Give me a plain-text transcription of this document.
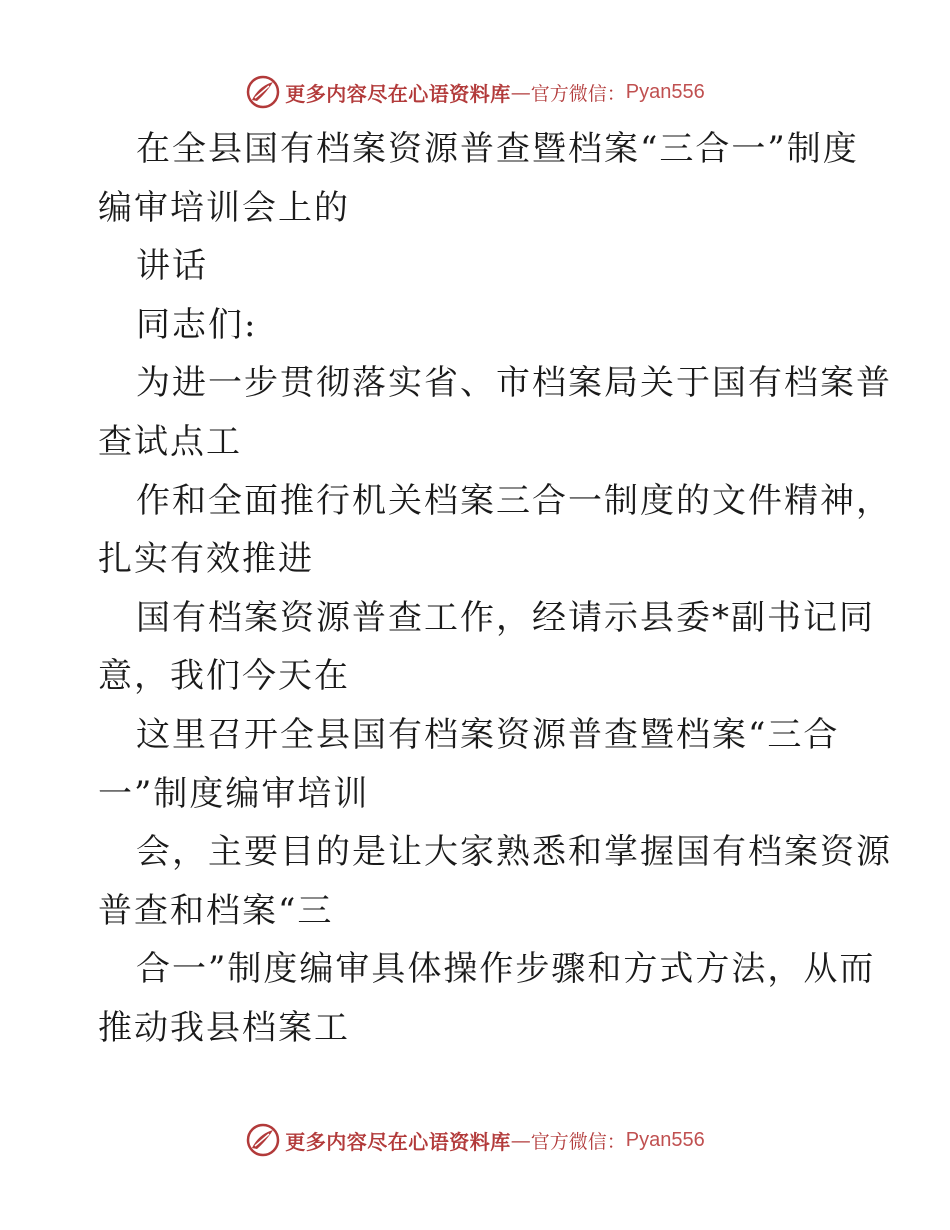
更多内容尽在心语资料库 — 官方微信： Pyan556
在全县国有档案资源普查暨档案“三合一”制度
编审培训会上的
讲话
同志们:
为进一步贯彻落实省、市档案局关于国有档案普
查试点工
作和全面推行机关档案三合一制度的文件精神，
扎实有效推进
国有档案资源普查工作，经请示县委*副书记同
意，我们今天在
这里召开全县国有档案资源普查暨档案“三合
一”制度编审培训
会，主要目的是让大家熟悉和掌握国有档案资源
普查和档案“三
合一”制度编审具体操作步骤和方式方法，从而
推动我县档案工
更多内容尽在心语资料库 — 官方微信： Pyan556
